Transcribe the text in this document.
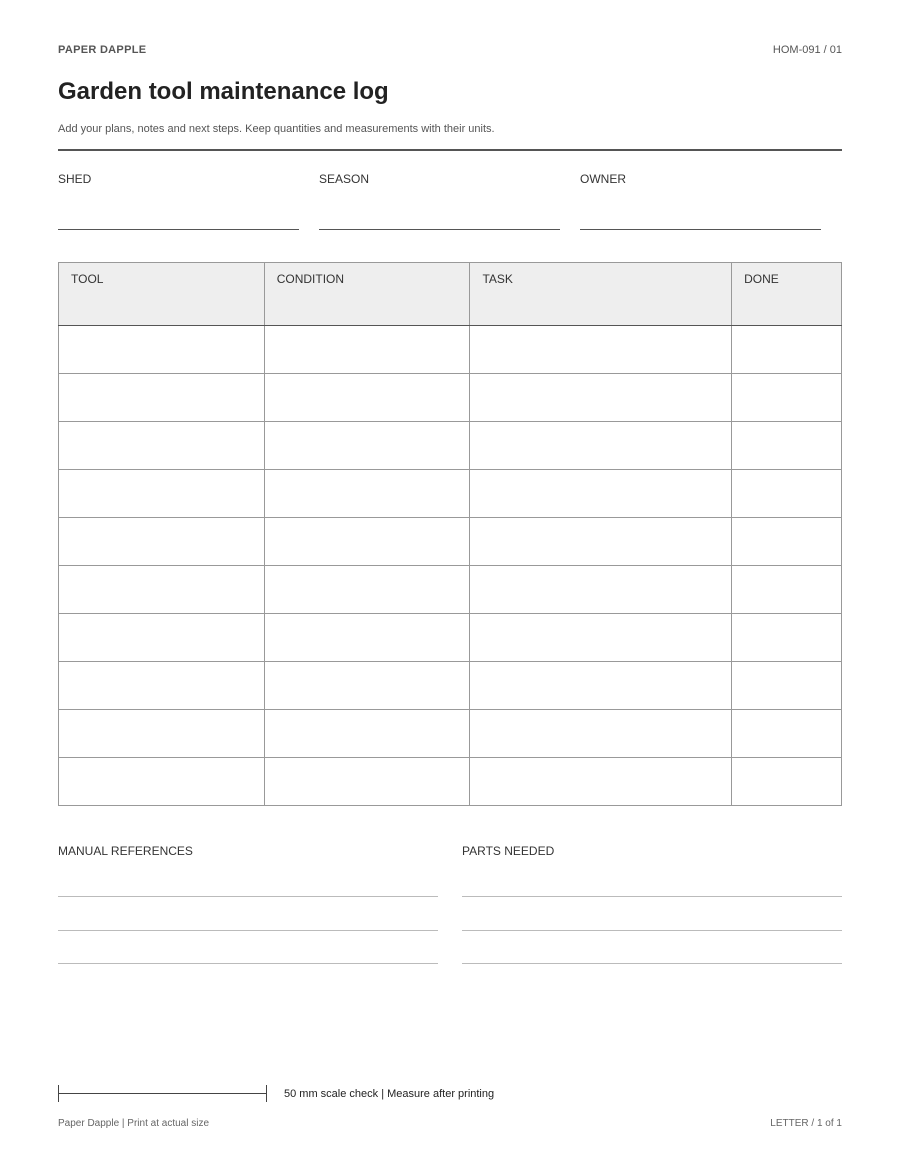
PAPER DAPPLE	HOM-091 / 01
Garden tool maintenance log

Add your plans, notes and next steps. Keep quantities and measurements with their units.

SHED	SEASON	OWNER
TOOL	CONDITION	TASK	DONE

MANUAL REFERENCES	PARTS NEEDED
50 mm scale check | Measure after printing
Paper Dapple | Print at actual size	LETTER / 1 of 1
